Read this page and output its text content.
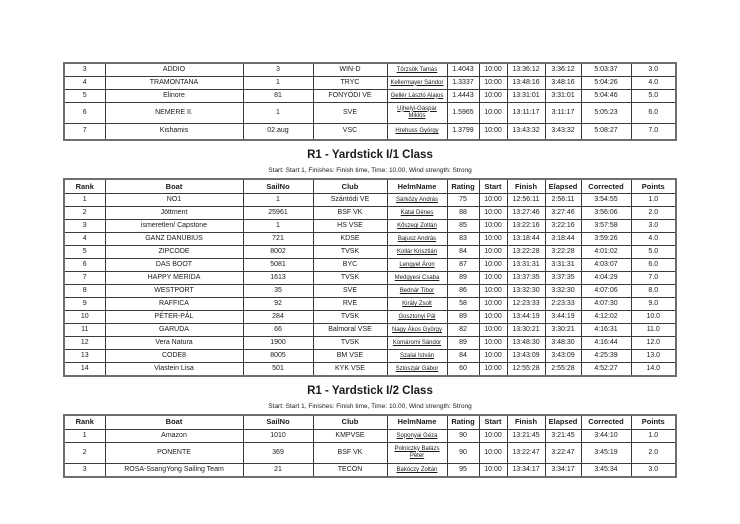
3	ADDIO	3	WIN-D	Törzsök Tamás	1.4043	10:00	13:36:12	3:36:12	5:03:37	3.0
4	TRAMONTANA	1	TRYC	Kellermayer Sándor	1.3337	10:00	13:48:16	3:48:16	5:04:26	4.0
5	Elinore	81	FONYÓDI VE	Gellér László Alajos	1.4443	10:00	13:31:01	3:31:01	5:04:46	5.0
6	NEMERE II.	1	SVE	Ujhelyi-Gáspár Miklós	1.5965	10:00	13:11:17	3:11:17	5:05:23	6.0
7	Kishamis	02.aug	VSC	Hrehuss György	1.3799	10:00	13:43:32	3:43:32	5:08:27	7.0
R1 - Yardstick I/1 Class
Start: Start 1, Finishes: Finish time, Time: 10.00, Wind strength: Strong
Rank	Boat	SailNo	Club	HelmName	Rating	Start	Finish	Elapsed	Corrected	Points
1	NO1	1	Szántódi VE	Sárközy András	75	10:00	12:56:11	2:56:11	3:54:55	1.0
2	Jöttment	25961	BSF VK	Kátai Dénes	88	10:00	13:27:46	3:27:46	3:56:06	2.0
3	ismeretlen/ Capstone	1	HS VSE	Kőszegi Zoltán	85	10:00	13:22:16	3:22:16	3:57:58	3.0
4	GANZ DANUBIUS	721	KDSE	Bajusz András	83	10:00	13:18:44	3:18:44	3:59:26	4.0
5	ZIPCODE	8002	TVSK	Kollár Krisztián	84	10:00	13:22:28	3:22:28	4:01:02	5.0
6	DAS BOOT	5081	BYC	Lengyel Áron	87	10:00	13:31:31	3:31:31	4:03:07	6.0
7	HAPPY MERIDA	1613	TVSK	Medgyesi Csaba	89	10:00	13:37:35	3:37:35	4:04:29	7.0
8	WESTPORT	35	SVE	Bednár Tibor	86	10:00	13:32:30	3:32:30	4:07:06	8.0
9	RAFFICA	92	RVE	Király Zsolt	58	10:00	12:23:33	2:23:33	4:07:30	9.0
10	PÉTER-PÁL	284	TVSK	Gosztonyi Pál	89	10:00	13:44:19	3:44:19	4:12:02	10.0
11	GARUDA	66	Balmoral VSE	Nagy Ákos György	82	10:00	13:30:21	3:30:21	4:16:31	11.0
12	Vera Natura	1900	TVSK	Komáromi Sándor	89	10:00	13:48:30	3:48:30	4:16:44	12.0
13	CODE8	8005	BM VSE	Szalai István	84	10:00	13:43:09	3:43:09	4:25:39	13.0
14	Viastein Lisa	501	KYK VSE	Szloszjár Gábor	60	10:00	12:55:28	2:55:28	4:52:27	14.0
R1 - Yardstick I/2 Class
Start: Start 1, Finishes: Finish time, Time: 10.00, Wind strength: Strong
Rank	Boat	SailNo	Club	HelmName	Rating	Start	Finish	Elapsed	Corrected	Points
1	Amazon	1010	KMPVSE	Soponyai Géza	90	10:00	13:21:45	3:21:45	3:44:10	1.0
2	PONENTE	369	BSF VK	Polniczky Balázs Péter	90	10:00	13:22:47	3:22:47	3:45:19	2.0
3	ROSA-SsangYong Sailing Team	21	TECON	Bakóczy Zoltán	95	10:00	13:34:17	3:34:17	3:45:34	3.0
